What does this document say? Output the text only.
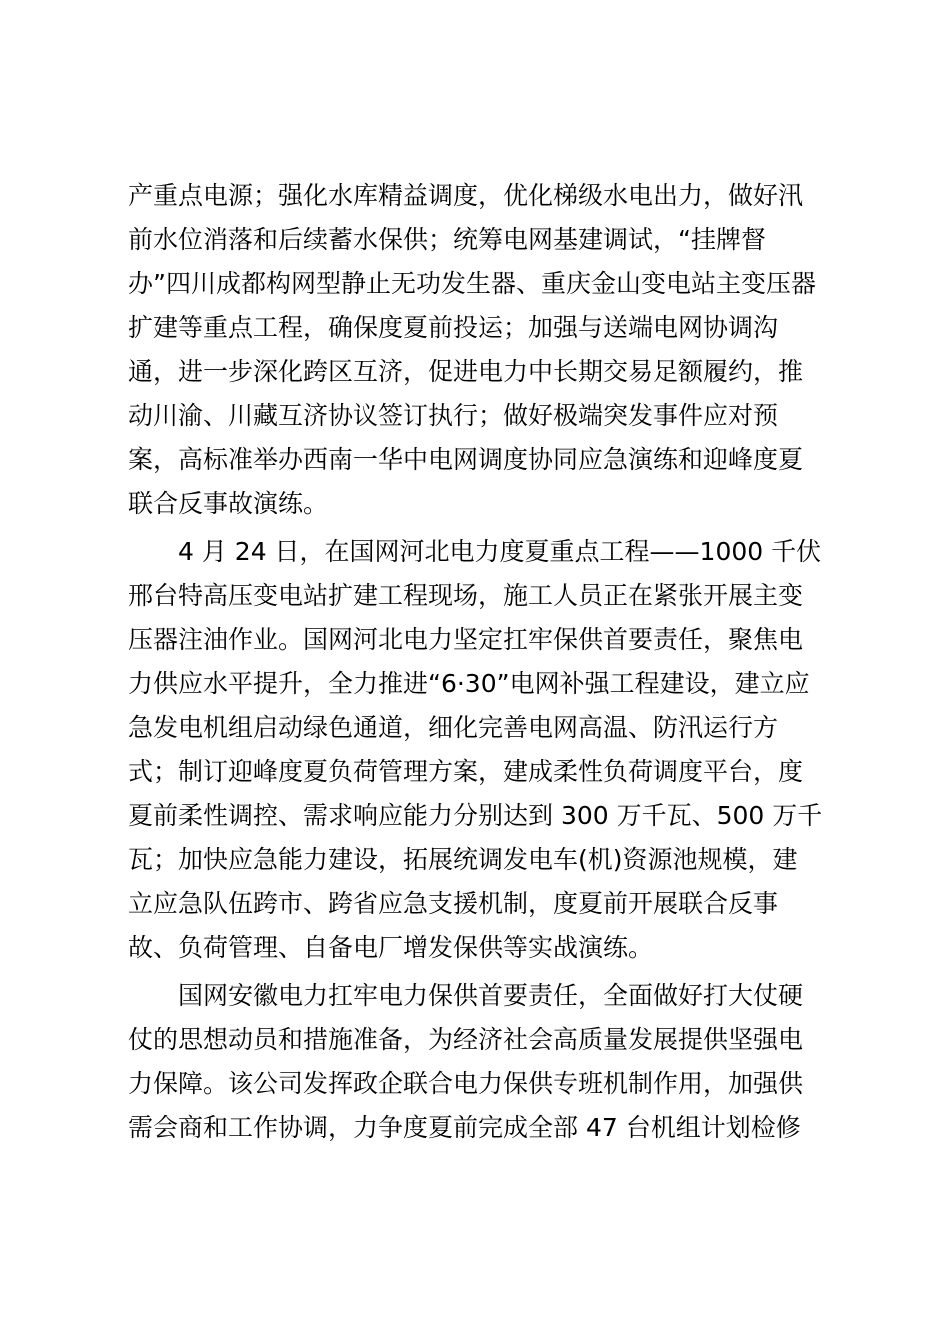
产重点电源；强化水库精益调度，优化梯级水电出力，做好汛
前水位消落和后续蓄水保供；统筹电网基建调试，“挂牌督
办”四川成都构网型静止无功发生器、重庆金山变电站主变压器
扩建等重点工程，确保度夏前投运；加强与送端电网协调沟
通，进一步深化跨区互济，促进电力中长期交易足额履约，推
动川渝、川藏互济协议签订执行；做好极端突发事件应对预
案，高标准举办西南一华中电网调度协同应急演练和迎峰度夏
联合反事故演练。
4 月 24 日，在国网河北电力度夏重点工程——1000 千伏
邢台特高压变电站扩建工程现场，施工人员正在紧张开展主变
压器注油作业。国网河北电力坚定扛牢保供首要责任，聚焦电
力供应水平提升，全力推进“6·30”电网补强工程建设，建立应
急发电机组启动绿色通道，细化完善电网高温、防汛运行方
式；制订迎峰度夏负荷管理方案，建成柔性负荷调度平台，度
夏前柔性调控、需求响应能力分别达到 300 万千瓦、500 万千
瓦；加快应急能力建设，拓展统调发电车(机)资源池规模，建
立应急队伍跨市、跨省应急支援机制，度夏前开展联合反事
故、负荷管理、自备电厂增发保供等实战演练。
国网安徽电力扛牢电力保供首要责任，全面做好打大仗硬
仗的思想动员和措施准备，为经济社会高质量发展提供坚强电
力保障。该公司发挥政企联合电力保供专班机制作用，加强供
需会商和工作协调，力争度夏前完成全部 47 台机组计划检修
